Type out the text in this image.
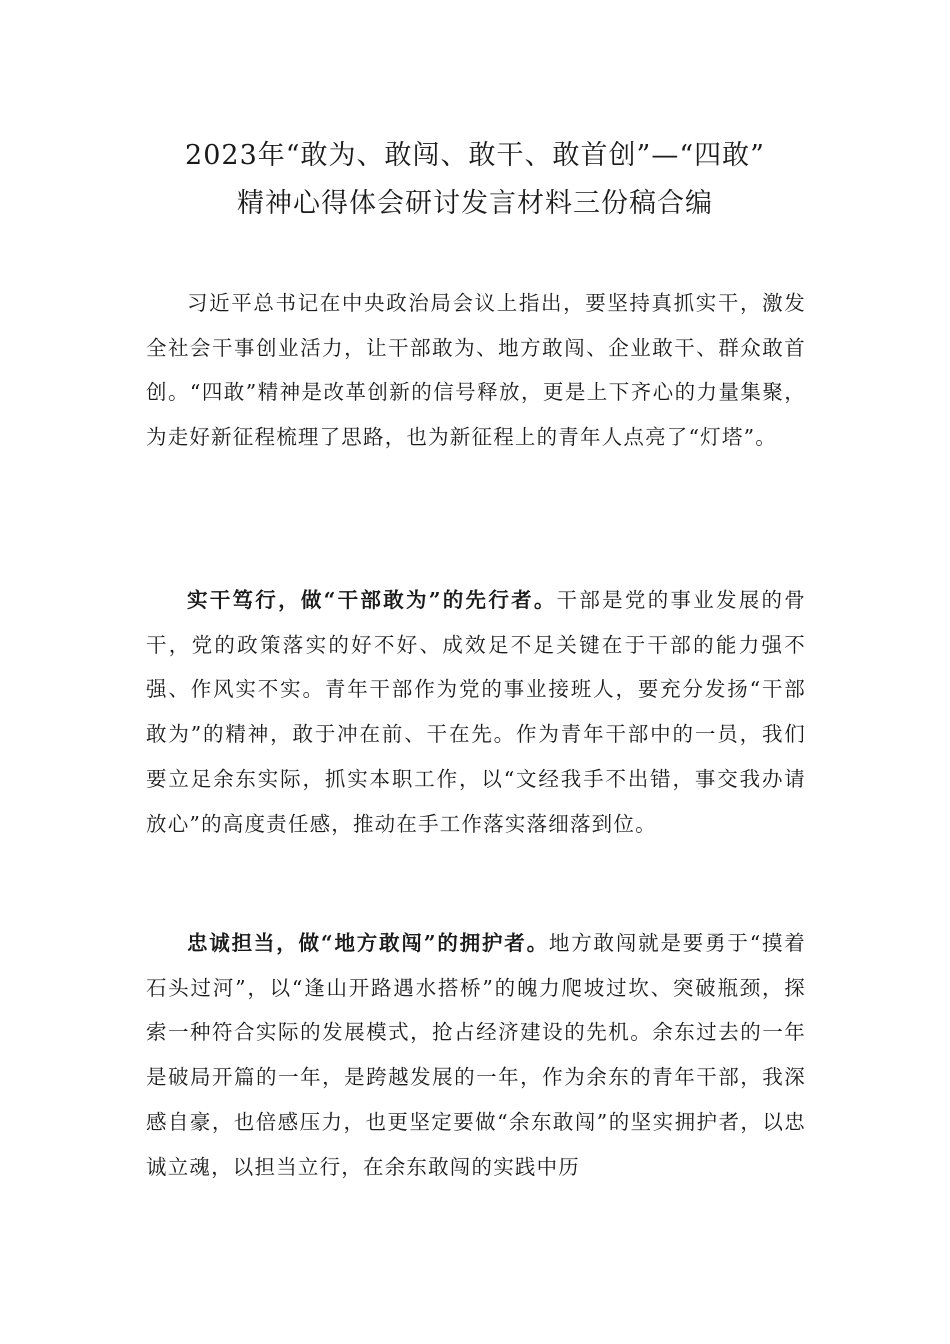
2023年“敢为、敢闯、敢干、敢首创”—“四敢”
精神心得体会研讨发言材料三份稿合编

习近平总书记在中央政治局会议上指出，要坚持真抓实干，激发全社会干事创业活力，让干部敢为、地方敢闯、企业敢干、群众敢首创。“四敢”精神是改革创新的信号释放，更是上下齐心的力量集聚，为走好新征程梳理了思路，也为新征程上的青年人点亮了“灯塔”。

实干笃行，做“干部敢为”的先行者。干部是党的事业发展的骨干，党的政策落实的好不好、成效足不足关键在于干部的能力强不强、作风实不实。青年干部作为党的事业接班人，要充分发扬“干部敢为”的精神，敢于冲在前、干在先。作为青年干部中的一员，我们要立足余东实际，抓实本职工作，以“文经我手不出错，事交我办请放心”的高度责任感，推动在手工作落实落细落到位。

忠诚担当，做“地方敢闯”的拥护者。地方敢闯就是要勇于“摸着石头过河”，以“逢山开路遇水搭桥”的魄力爬坡过坎、突破瓶颈，探索一种符合实际的发展模式，抢占经济建设的先机。余东过去的一年是破局开篇的一年，是跨越发展的一年，作为余东的青年干部，我深感自豪，也倍感压力，也更坚定要做“余东敢闯”的坚实拥护者，以忠诚立魂，以担当立行，在余东敢闯的实践中历
